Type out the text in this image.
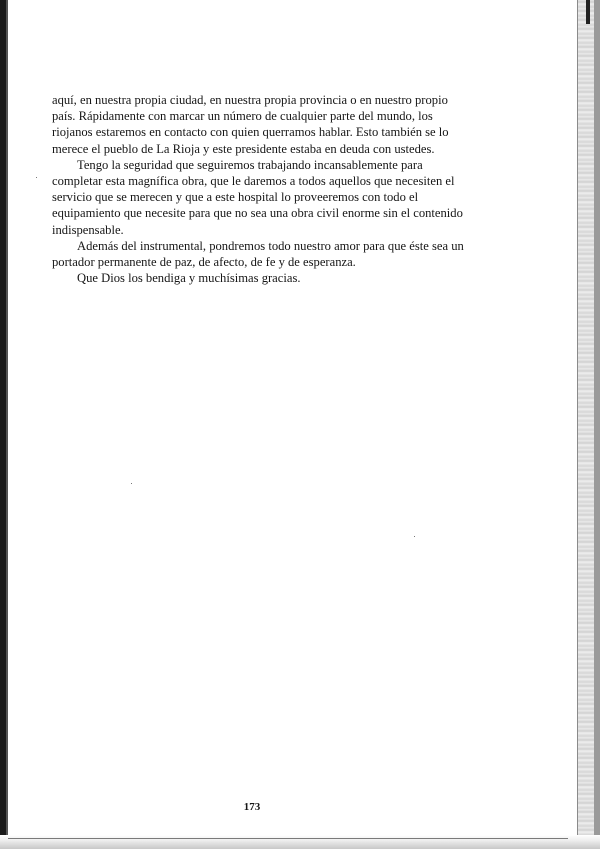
aquí, en nuestra propia ciudad, en nuestra propia provincia o en nuestro propio país. Rápidamente con marcar un número de cualquier parte del mundo, los riojanos estaremos en contacto con quien querramos hablar. Esto también se lo merece el pueblo de La Rioja y este presidente estaba en deuda con ustedes.

Tengo la seguridad que seguiremos trabajando incansablemente para completar esta magnífica obra, que le daremos a todos aquellos que necesiten el servicio que se merecen y que a este hospital lo proveeremos con todo el equipamiento que necesite para que no sea una obra civil enorme sin el contenido indispensable.

Además del instrumental, pondremos todo nuestro amor para que éste sea un portador permanente de paz, de afecto, de fe y de esperanza.

Que Dios los bendiga y muchísimas gracias.

173
